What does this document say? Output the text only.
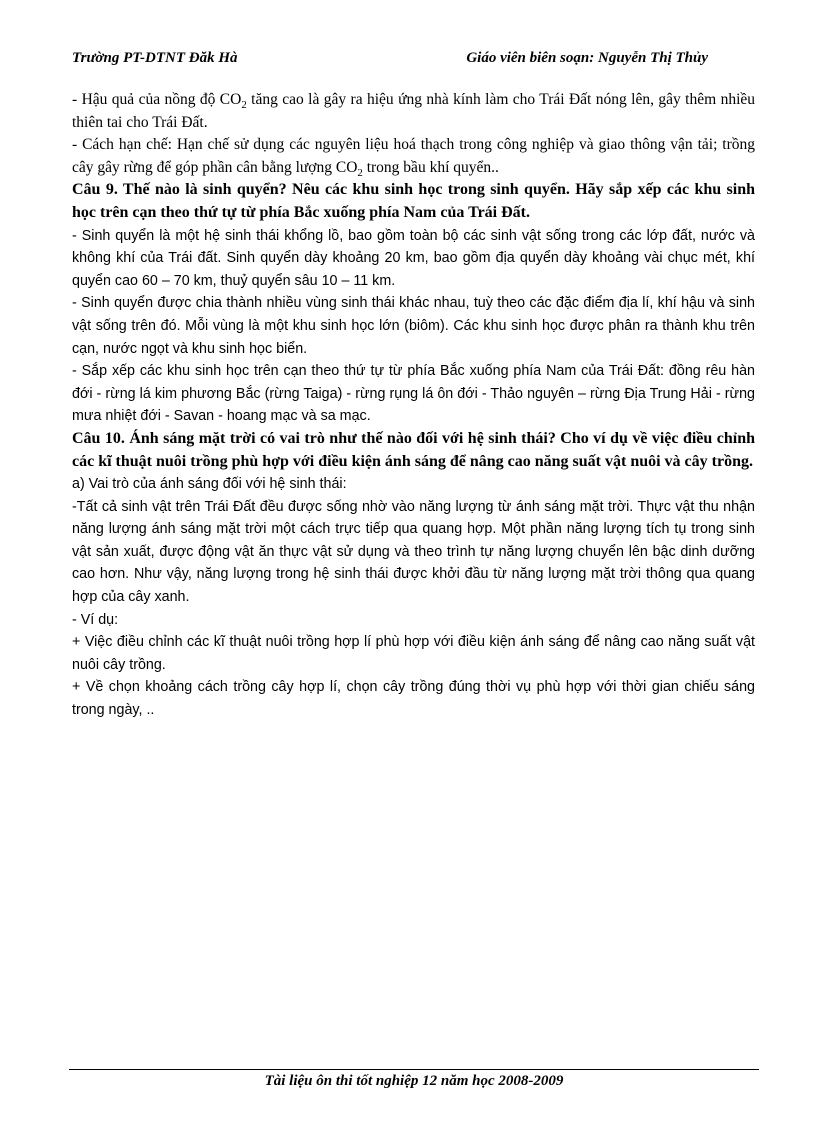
Trường PT-DTNT Đăk Hà	Giáo viên biên soạn: Nguyễn Thị Thủy

- Hậu quả của nồng độ $CO_2$ tăng cao là gây ra hiệu ứng nhà kính làm cho Trái Đất nóng lên, gây thêm nhiều thiên tai cho Trái Đất.

- Cách hạn chế: Hạn chế sử dụng các nguyên liệu hoá thạch trong công nghiệp và giao thông vận tải; trồng cây gây rừng để góp phần cân bằng lượng $CO_2$ trong bầu khí quyển..

Câu 9. Thế nào là sinh quyển? Nêu các khu sinh học trong sinh quyển. Hãy sắp xếp các khu sinh học trên cạn theo thứ tự từ phía Bắc xuống phía Nam của Trái Đất.

- Sinh quyển là một hệ sinh thái khổng lồ, bao gồm toàn bộ các sinh vật sống trong các lớp đất, nước và không khí của Trái đất. Sinh quyển dày khoảng 20 km, bao gồm địa quyển dày khoảng vài chục mét, khí quyển cao 60 – 70 km, thuỷ quyển sâu 10 – 11 km.

- Sinh quyển được chia thành nhiều vùng sinh thái khác nhau, tuỳ theo các đặc điểm địa lí, khí hậu và sinh vật sống trên đó. Mỗi vùng là một khu sinh học lớn (biôm). Các khu sinh học được phân ra thành khu trên cạn, nước ngọt và khu sinh học biển.

- Sắp xếp các khu sinh học trên cạn theo thứ tự từ phía Bắc xuống phía Nam của Trái Đất: đồng rêu hàn đới - rừng lá kim phương Bắc (rừng Taiga) - rừng rụng lá ôn đới - Thảo nguyên – rừng Địa Trung Hải - rừng mưa nhiệt đới - Savan - hoang mạc và sa mạc.

Câu 10. Ánh sáng mặt trời có vai trò như thế nào đối với hệ sinh thái? Cho ví dụ về việc điều chỉnh các kĩ thuật nuôi trồng phù hợp với điều kiện ánh sáng để nâng cao năng suất vật nuôi và cây trồng.

a) Vai trò của ánh sáng đối với hệ sinh thái:

-Tất cả sinh vật trên Trái Đất đều được sống nhờ vào năng lượng từ ánh sáng mặt trời. Thực vật thu nhận năng lượng ánh sáng mặt trời một cách trực tiếp qua quang hợp. Một phần năng lượng tích tụ trong sinh vật sản xuất, được động vật ăn thực vật sử dụng và theo trình tự năng lượng chuyển lên bậc dinh dưỡng cao hơn. Như vậy, năng lượng trong hệ sinh thái được khởi đầu từ năng lượng mặt trời thông qua quang hợp của cây xanh.

- Ví dụ:

+ Việc điều chỉnh các kĩ thuật nuôi trồng hợp lí phù hợp với điều kiện ánh sáng để nâng cao năng suất vật nuôi cây trồng.

+ Về chọn khoảng cách trồng cây hợp lí, chọn cây trồng đúng thời vụ phù hợp với thời gian chiếu sáng trong ngày, ..

Tài liệu ôn thi tốt nghiệp 12 năm học 2008-2009
